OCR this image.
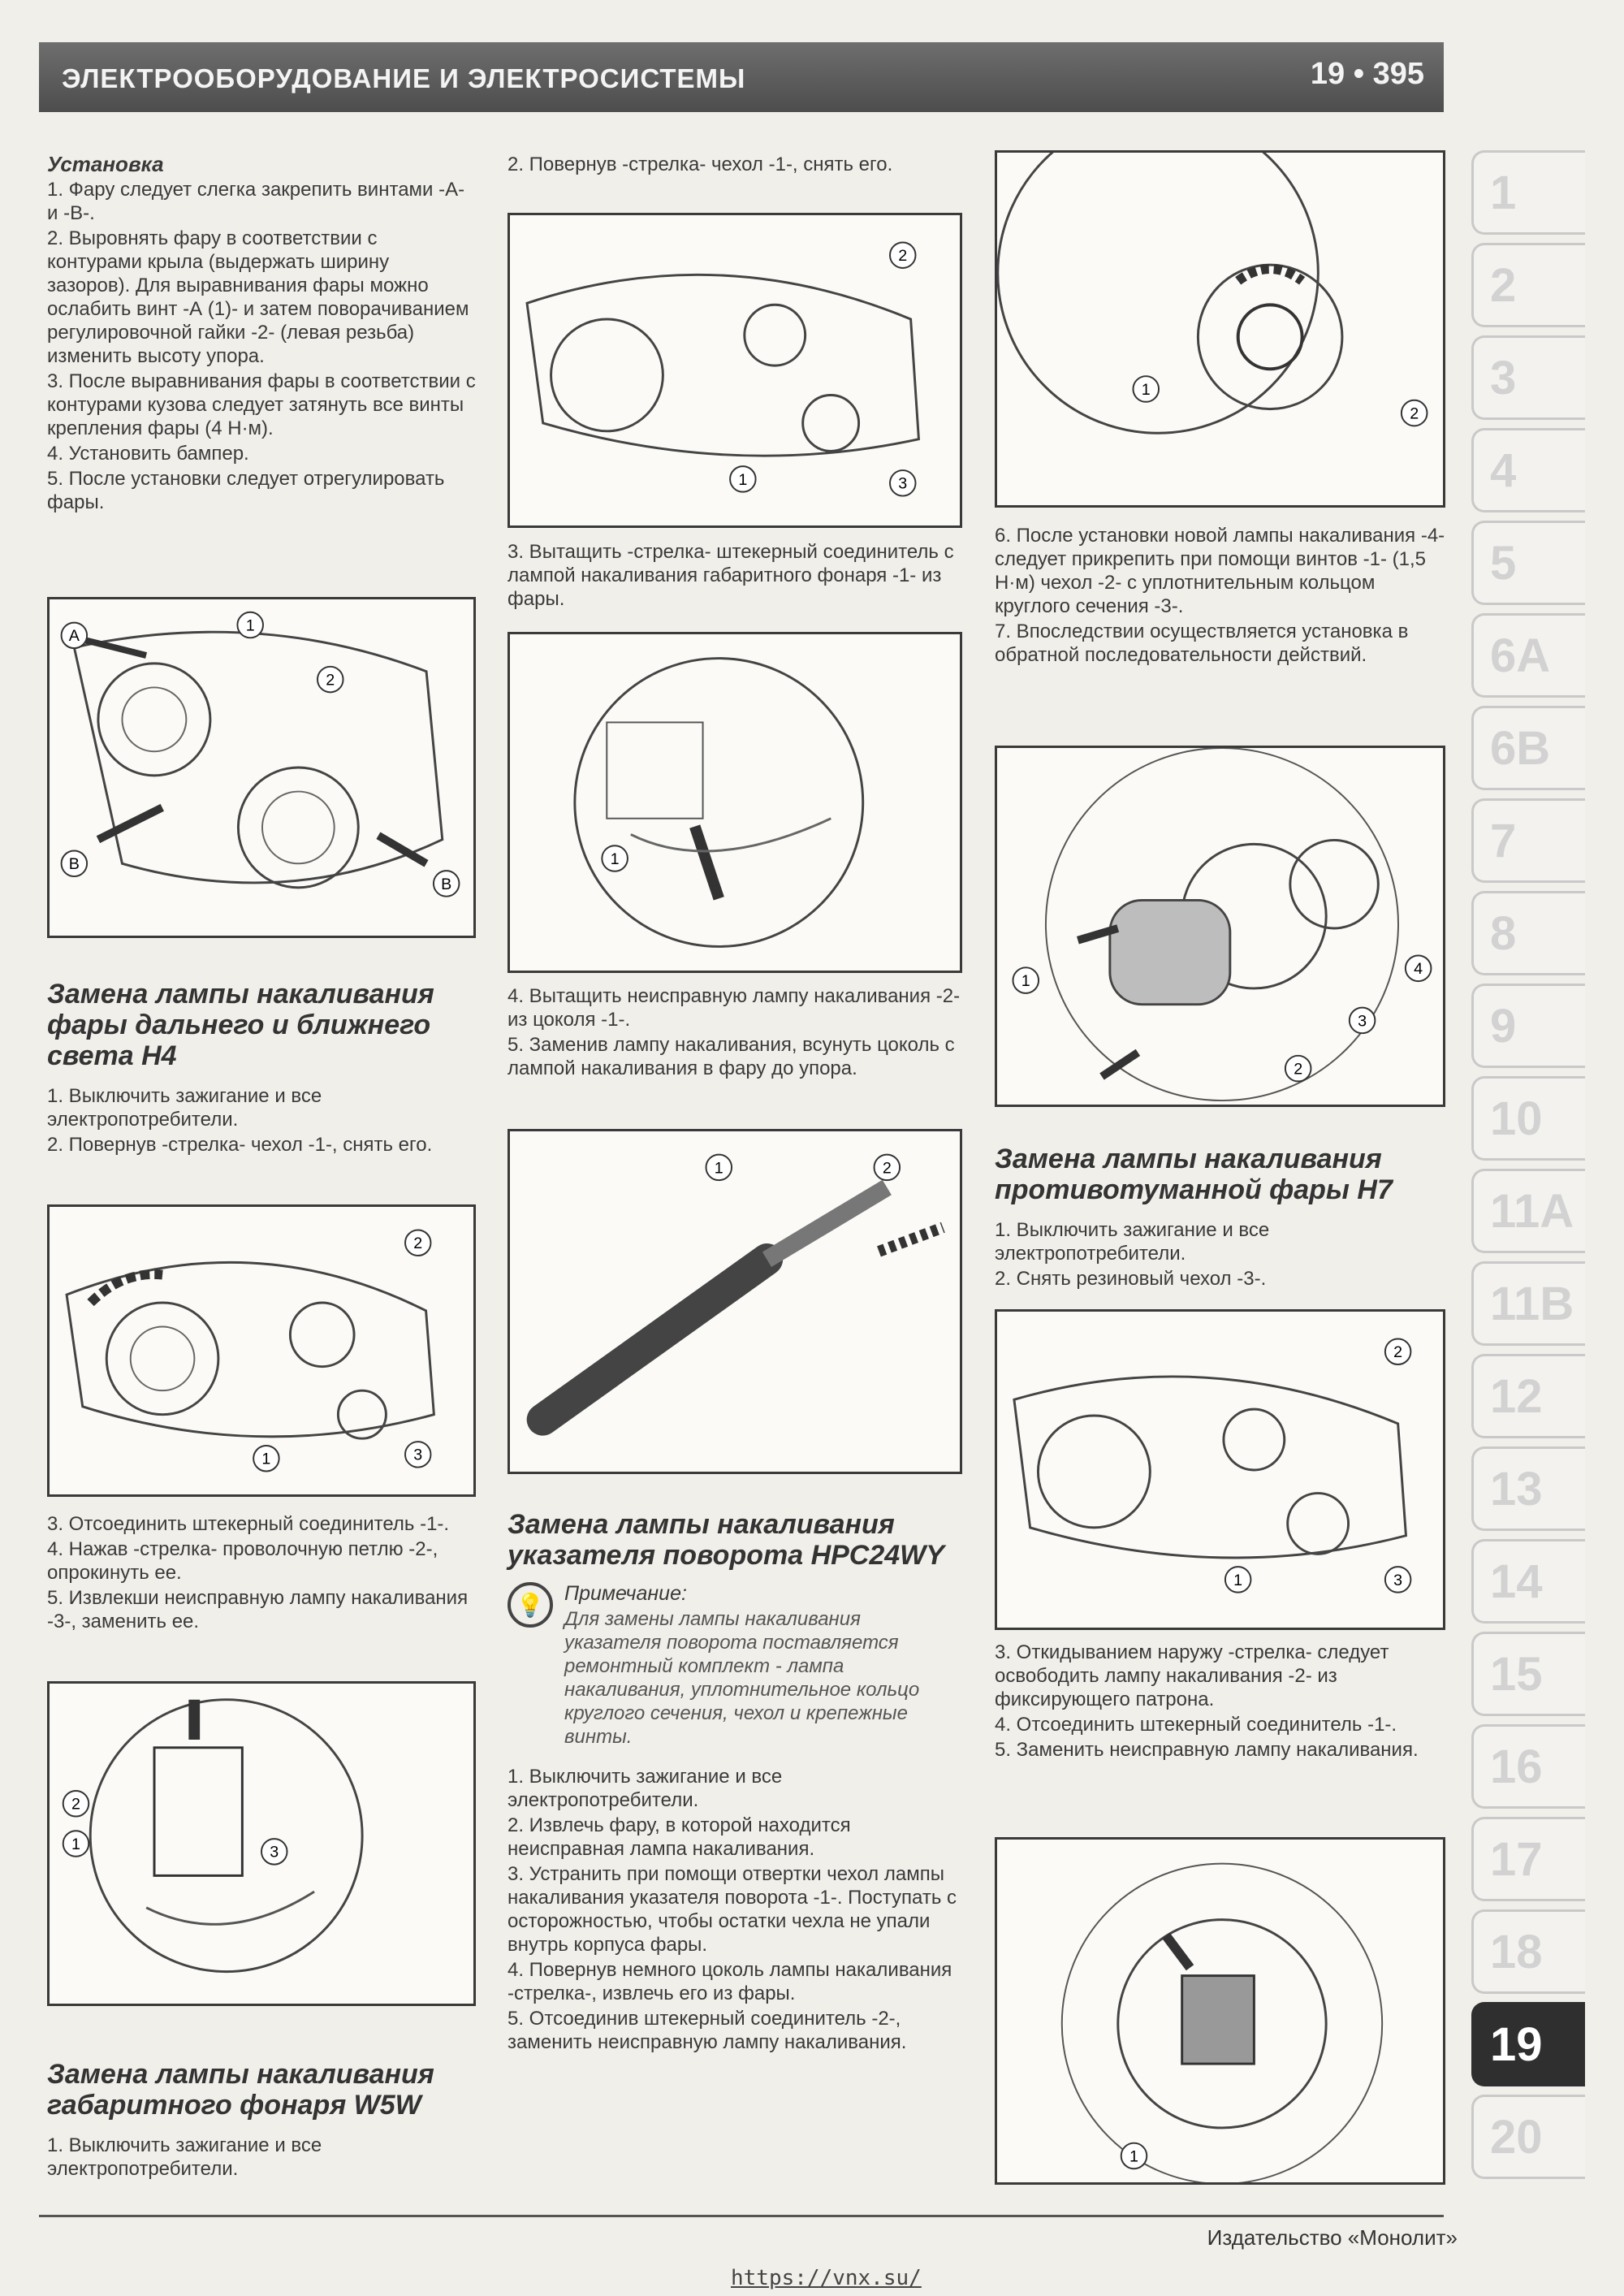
ЭЛЕКТРООБОРУДОВАНИЕ И ЭЛЕКТРОСИСТЕМЫ	19 • 395

Установка

1. Фару следует слегка закрепить винтами -А- и -В-.

2. Выровнять фару в соответствии с контурами крыла (выдержать ширину зазоров). Для выравнивания фары можно ослабить винт -А (1)- и затем поворачиванием регулировочной гайки -2- (левая резьба) изменить высоту упора.

3. После выравнивания фары в соответствии с контурами кузова следует затянуть все винты крепления фары (4 Н·м).

4. Установить бампер.

5. После установки следует отрегулировать фары.

A
1
2
B
B

Замена лампы накаливания фары дальнего и ближнего света H4

1. Выключить зажигание и все электропотребители.

2. Повернув -стрелка- чехол -1-, снять его.

2
1	3

3. Отсоединить штекерный соединитель -1-.

4. Нажав -стрелка- проволочную петлю -2-, опрокинуть ее.

5. Извлекши неисправную лампу накаливания -3-, заменить ее.

2
1	3

Замена лампы накаливания габаритного фонаря W5W

1. Выключить зажигание и все электропотребители.

2. Повернув -стрелка- чехол -1-, снять его.

2
1	3

3. Вытащить -стрелка- штекерный соединитель с лампой накаливания габаритного фонаря -1- из фары.

1

4. Вытащить неисправную лампу накаливания -2- из цоколя -1-.

5. Заменив лампу накаливания, всунуть цоколь с лампой накаливания в фару до упора.

1	2

Замена лампы накаливания указателя поворота HPC24WY

💡 Примечание:

Для замены лампы накаливания указателя поворота поставляется ремонтный комплект - лампа накаливания, уплотнительное кольцо круглого сечения, чехол и крепежные винты.

1. Выключить зажигание и все электропотребители.

2. Извлечь фару, в которой находится неисправная лампа накаливания.

3. Устранить при помощи отвертки чехол лампы накаливания указателя поворота -1-. Поступать с осторожностью, чтобы остатки чехла не упали внутрь корпуса фары.

4. Повернув немного цоколь лампы накаливания -стрелка-, извлечь его из фары.

5. Отсоединив штекерный соединитель -2-, заменить неисправную лампу накаливания.

1
2

6. После установки новой лампы накаливания -4- следует прикрепить при помощи винтов -1- (1,5 Н·м) чехол -2- с уплотнительным кольцом круглого сечения -3-.

7. Впоследствии осуществляется установка в обратной последовательности действий.

1
4
3
2

Замена лампы накаливания противотуманной фары H7

1. Выключить зажигание и все электропотребители.

2. Снять резиновый чехол -3-.

2
1	3

3. Откидыванием наружу -стрелка- следует освободить лампу накаливания -2- из фиксирующего патрона.

4. Отсоединить штекерный соединитель -1-.

5. Заменить неисправную лампу накаливания.

1
1
2
3
4
5
6A
6B
7
8
9
10
11A
11B
12
13
14
15
16
17
18
19
20
Издательство «Монолит»
https://vnx.su/
